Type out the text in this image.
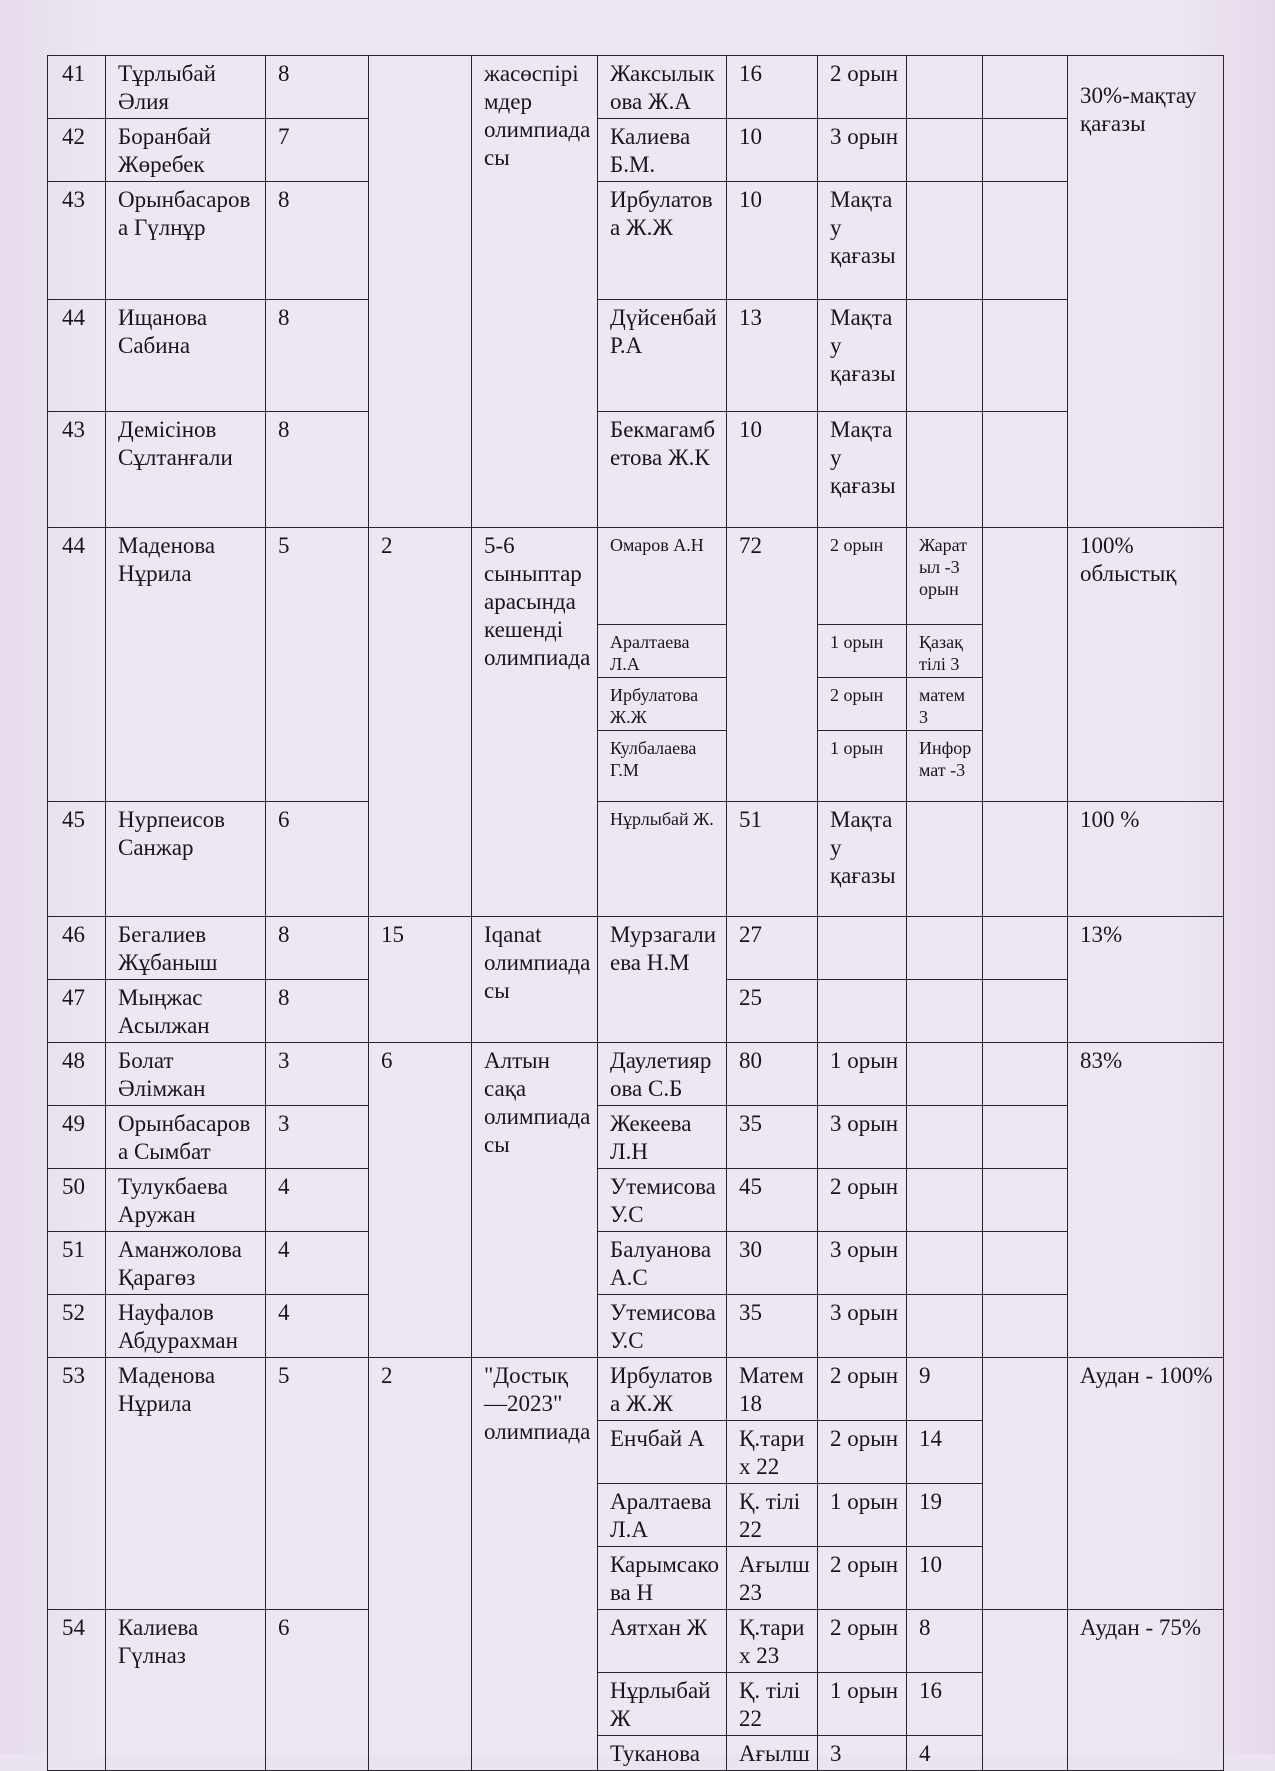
41	Тұрлыбай Әлия	8		жасөспірімдер олимпиадасы	Жаксылыкова Ж.А	16	2 орын			30%-мақтау қағазы
42	Боранбай Жөребек	7			Калиева Б.М.	10	3 орын			
43	Орынбасарова Гүлнұр	8			Ирбулатова Ж.Ж	10	Мақтау қағазы			
44	Ищанова Сабина	8			Дүйсенбай Р.А	13	Мақтау қағазы			
43	Демісінов Сұлтанғали	8			Бекмагамбетова Ж.К	10	Мақтау қағазы			
44	Маденова Нұрила	5	2	5-6 сыныптар арасында кешенді олимпиада	Омаров А.Н	72	2 орын	Жаратыл -3 орын		100% облыстық
					Аралтаева Л.А		1 орын	Қазақ тілі 3		
					Ирбулатова Ж.Ж		2 орын	матем 3		
					Кулбалаева Г.М		1 орын	Информат -3		
45	Нурпеисов Санжар	6			Нұрлыбай Ж.	51	Мақтау қағазы			100 %
46	Бегалиев Жұбаныш	8	15	Iqanat олимпиадасы	Мурзагалиева Н.М	27				13%
47	Мыңжас Асылжан	8				25				
48	Болат Әлімжан	3	6	Алтын сақа олимпиадасы	Даулетиярова С.Б	80	1 орын			83%
49	Орынбасарова Сымбат	3			Жекеева Л.Н	35	3 орын			
50	Тулукбаева Аружан	4			Утемисова У.С	45	2 орын			
51	Аманжолова Қарагөз	4			Балуанова А.С	30	3 орын			
52	Науфалов Абдурахман	4			Утемисова У.С	35	3 орын			
53	Маденова Нұрила	5	2	"Достық—2023" олимпиада	Ирбулатова Ж.Ж	Матем 18	2 орын	9		Аудан - 100%
					Енчбай А	Қ.тарих 22	2 орын	14		
					Аралтаева Л.А	Қ. тілі 22	1 орын	19		
					Карымсакова Н	Ағылш 23	2 орын	10		
54	Калиева Гүлназ	6			Аятхан Ж	Қ.тарих 23	2 орын	8		Аудан - 75%
					Нұрлыбай Ж	Қ. тілі 22	1 орын	16		
					Туканова	Ағылш	3	4		
